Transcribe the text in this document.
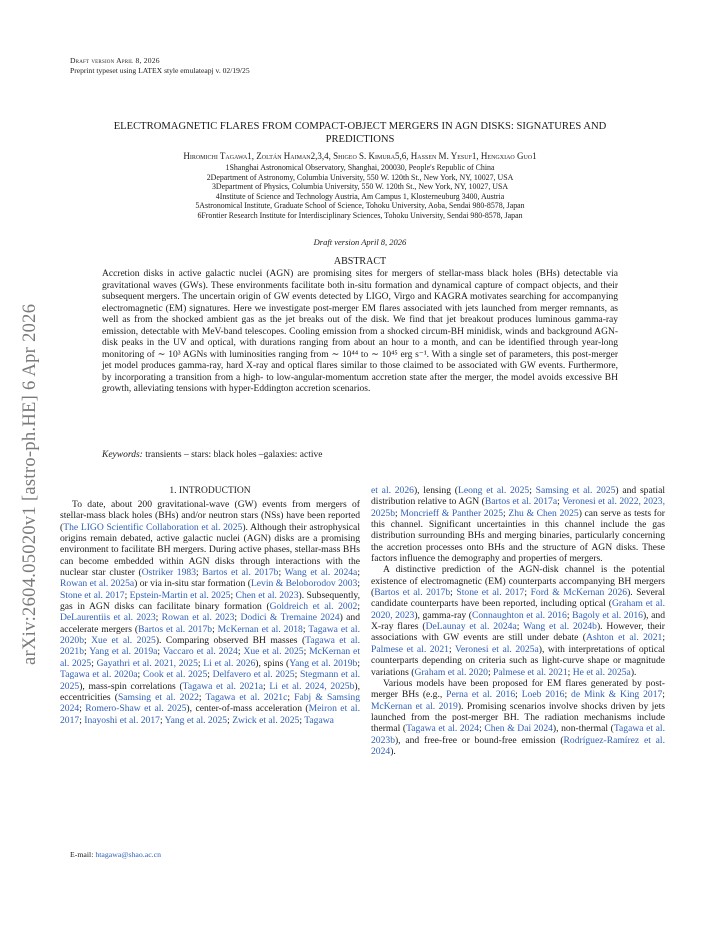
Draft version April 8, 2026
Preprint typeset using LATEX style emulateapj v. 02/19/25
arXiv:2604.05020v1 [astro-ph.HE] 6 Apr 2026
ELECTROMAGNETIC FLARES FROM COMPACT-OBJECT MERGERS IN AGN DISKS: SIGNATURES AND PREDICTIONS
Hiromichi Tagawa1, Zoltán Haiman2,3,4, Shigeo S. Kimura5,6, Hassen M. Yesuf1, Hengxiao Guo1
1Shanghai Astronomical Observatory, Shanghai, 200030, People's Republic of China
2Department of Astronomy, Columbia University, 550 W. 120th St., New York, NY, 10027, USA
3Department of Physics, Columbia University, 550 W. 120th St., New York, NY, 10027, USA
4Institute of Science and Technology Austria, Am Campus 1, Klosterneuburg 3400, Austria
5Astronomical Institute, Graduate School of Science, Tohoku University, Aoba, Sendai 980-8578, Japan
6Frontier Research Institute for Interdisciplinary Sciences, Tohoku University, Sendai 980-8578, Japan
Draft version April 8, 2026
ABSTRACT
Accretion disks in active galactic nuclei (AGN) are promising sites for mergers of stellar-mass black holes (BHs) detectable via gravitational waves (GWs). These environments facilitate both in-situ formation and dynamical capture of compact objects, and their subsequent mergers. The uncertain origin of GW events detected by LIGO, Virgo and KAGRA motivates searching for accompanying electromagnetic (EM) signatures. Here we investigate post-merger EM flares associated with jets launched from merger remnants, as well as from the shocked ambient gas as the jet breaks out of the disk. We find that jet breakout produces luminous gamma-ray emission, detectable with MeV-band telescopes. Cooling emission from a shocked circum-BH minidisk, winds and background AGN-disk peaks in the UV and optical, with durations ranging from about an hour to a month, and can be identified through year-long monitoring of ∼ 10³ AGNs with luminosities ranging from ∼ 10⁴⁴ to ∼ 10⁴⁵ erg s⁻¹. With a single set of parameters, this post-merger jet model produces gamma-ray, hard X-ray and optical flares similar to those claimed to be associated with GW events. Furthermore, by incorporating a transition from a high- to low-angular-momentum accretion state after the merger, the model avoids excessive BH growth, alleviating tensions with hyper-Eddington accretion scenarios.
Keywords: transients – stars: black holes –galaxies: active
1. INTRODUCTION

To date, about 200 gravitational-wave (GW) events from mergers of stellar-mass black holes (BHs) and/or neutron stars (NSs) have been reported (The LIGO Scientific Collaboration et al. 2025). Although their astrophysical origins remain debated, active galactic nuclei (AGN) disks are a promising environment to facilitate BH mergers. During active phases, stellar-mass BHs can become embedded within AGN disks through interactions with the nuclear star cluster (Ostriker 1983; Bartos et al. 2017b; Wang et al. 2024a; Rowan et al. 2025a) or via in-situ star formation (Levin & Beloborodov 2003; Stone et al. 2017; Epstein-Martin et al. 2025; Chen et al. 2023). Subsequently, gas in AGN disks can facilitate binary formation (Goldreich et al. 2002; DeLaurentiis et al. 2023; Rowan et al. 2023; Dodici & Tremaine 2024) and accelerate mergers (Bartos et al. 2017b; McKernan et al. 2018; Tagawa et al. 2020b; Xue et al. 2025). Comparing observed BH masses (Tagawa et al. 2021b; Yang et al. 2019a; Vaccaro et al. 2024; Xue et al. 2025; McKernan et al. 2025; Gayathri et al. 2021, 2025; Li et al. 2026), spins (Yang et al. 2019b; Tagawa et al. 2020a; Cook et al. 2025; Delfavero et al. 2025; Stegmann et al. 2025), mass-spin correlations (Tagawa et al. 2021a; Li et al. 2024, 2025b), eccentricities (Samsing et al. 2022; Tagawa et al. 2021c; Fabj & Samsing 2024; Romero-Shaw et al. 2025), center-of-mass acceleration (Meiron et al. 2017; Inayoshi et al. 2017; Yang et al. 2025; Zwick et al. 2025; Tagawa

et al. 2026), lensing (Leong et al. 2025; Samsing et al. 2025) and spatial distribution relative to AGN (Bartos et al. 2017a; Veronesi et al. 2022, 2023, 2025b; Moncrieff & Panther 2025; Zhu & Chen 2025) can serve as tests for this channel. Significant uncertainties in this channel include the gas distribution surrounding BHs and merging binaries, particularly concerning the accretion processes onto BHs and the structure of AGN disks. These factors influence the demography and properties of mergers.

A distinctive prediction of the AGN-disk channel is the potential existence of electromagnetic (EM) counterparts accompanying BH mergers (Bartos et al. 2017b; Stone et al. 2017; Ford & McKernan 2026). Several candidate counterparts have been reported, including optical (Graham et al. 2020, 2023), gamma-ray (Connaughton et al. 2016; Bagoly et al. 2016), and X-ray flares (DeLaunay et al. 2024a; Wang et al. 2024b). However, their associations with GW events are still under debate (Ashton et al. 2021; Palmese et al. 2021; Veronesi et al. 2025a), with interpretations of optical counterparts depending on criteria such as light-curve shape or magnitude variations (Graham et al. 2020; Palmese et al. 2021; He et al. 2025a).

Various models have been proposed for EM flares generated by post-merger BHs (e.g., Perna et al. 2016; Loeb 2016; de Mink & King 2017; McKernan et al. 2019). Promising scenarios involve shocks driven by jets launched from the post-merger BH. The radiation mechanisms include thermal (Tagawa et al. 2024; Chen & Dai 2024), non-thermal (Tagawa et al. 2023b), and free-free or bound-free emission (Rodríguez-Ramírez et al. 2024).

E-mail: htagawa@shao.ac.cn
